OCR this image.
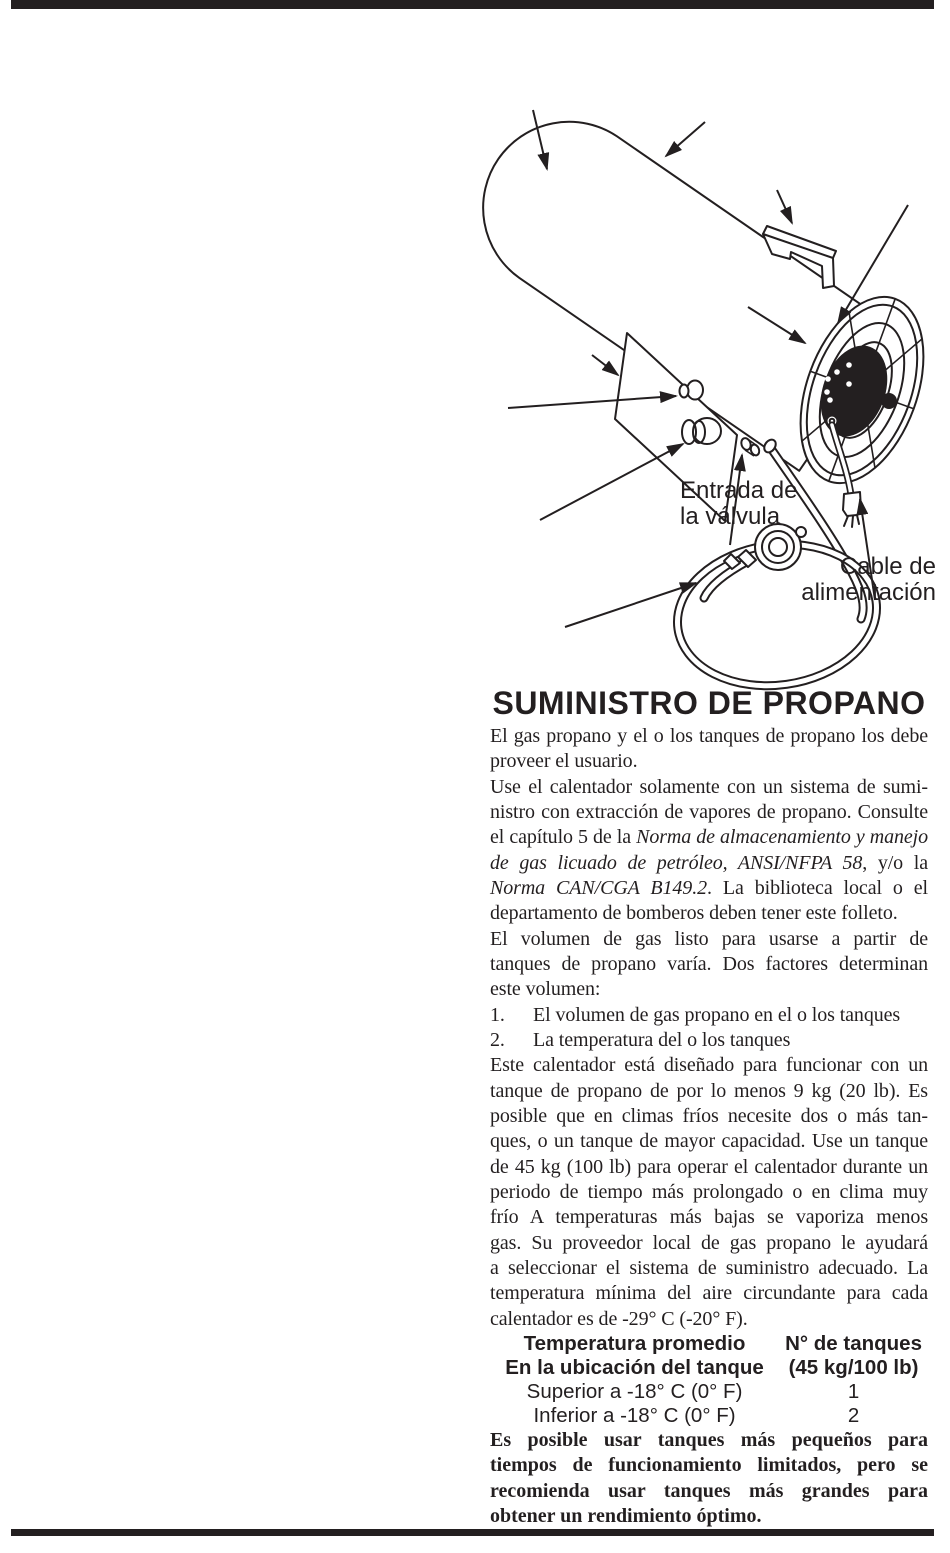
Entrada de
la válvula
Cable de
alimentación
SUMINISTRO DE PROPANO
El gas propano y el o los tanques de propano los debe
proveer el usuario.
Use el calentador solamente con un sistema de sumi-
nistro con extracción de vapores de propano. Consulte
el capítulo 5 de la Norma de almacenamiento y manejo
de gas licuado de petróleo, ANSI/NFPA 58, y/o la
Norma CAN/CGA B149.2. La biblioteca local o el
departamento de bomberos deben tener este folleto.
El volumen de gas listo para usarse a partir de
tanques de propano varía. Dos factores determinan
este volumen:
1. El volumen de gas propano en el o los tanques
2. La temperatura del o los tanques
Este calentador está diseñado para funcionar con un
tanque de propano de por lo menos 9 kg (20 lb). Es
posible que en climas fríos necesite dos o más tan-
ques, o un tanque de mayor capacidad. Use un tanque
de 45 kg (100 lb) para operar el calentador durante un
periodo de tiempo más prolongado o en clima muy
frío A temperaturas más bajas se vaporiza menos
gas. Su proveedor local de gas propano le ayudará
a seleccionar el sistema de suministro adecuado. La
temperatura mínima del aire circundante para cada
calentador es de -29° C (-20° F).
Temperatura promedio	N° de tanques
En la ubicación del tanque	(45 kg/100 lb)
Superior a -18° C (0° F)	1
Inferior a -18° C (0° F)	2
Es posible usar tanques más pequeños para
tiempos de funcionamiento limitados, pero se
recomienda usar tanques más grandes para
obtener un rendimiento óptimo.
